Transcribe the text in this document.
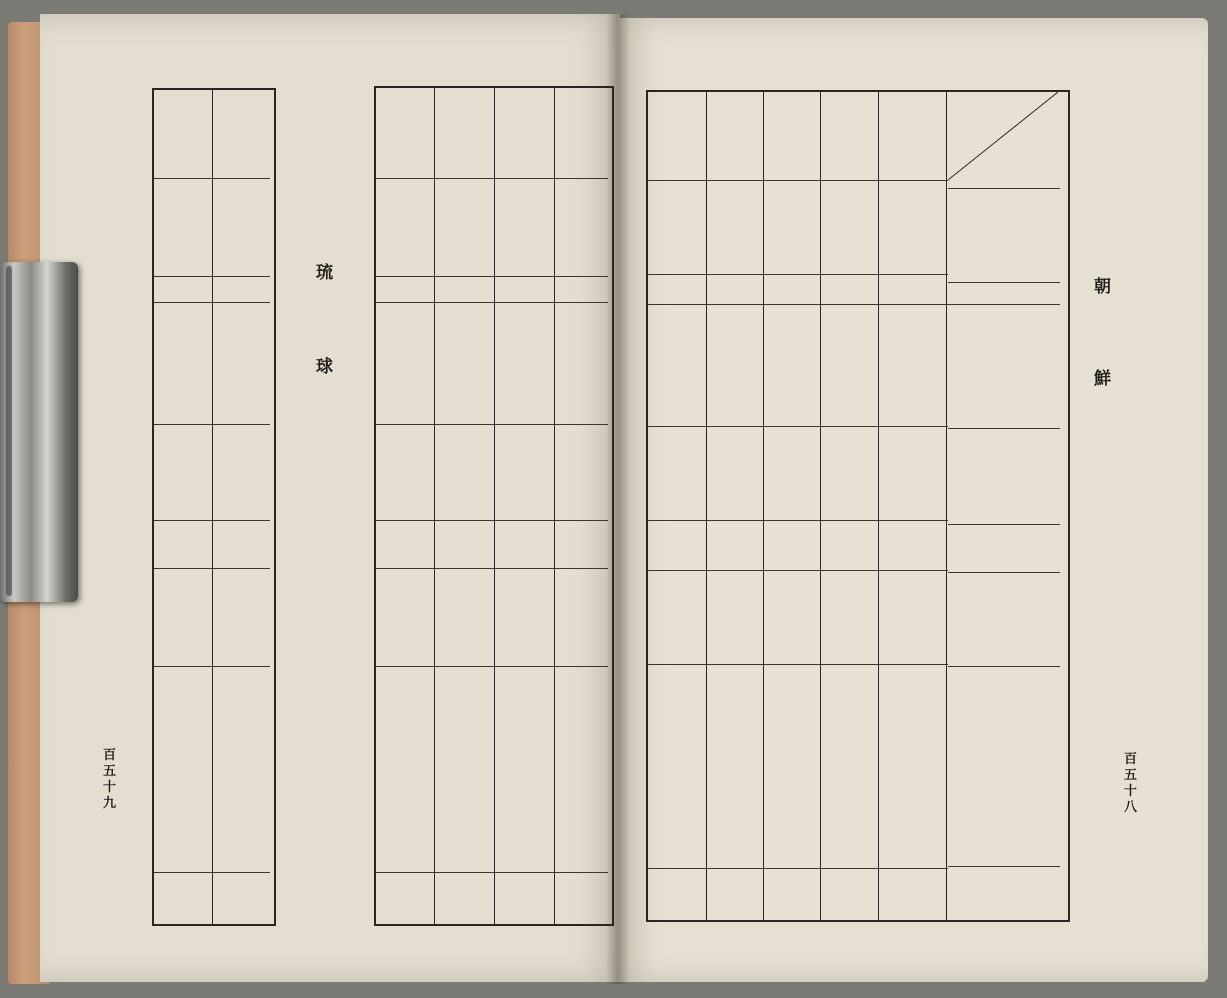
琉
球
朝
鮮
百五十九
百五十八
